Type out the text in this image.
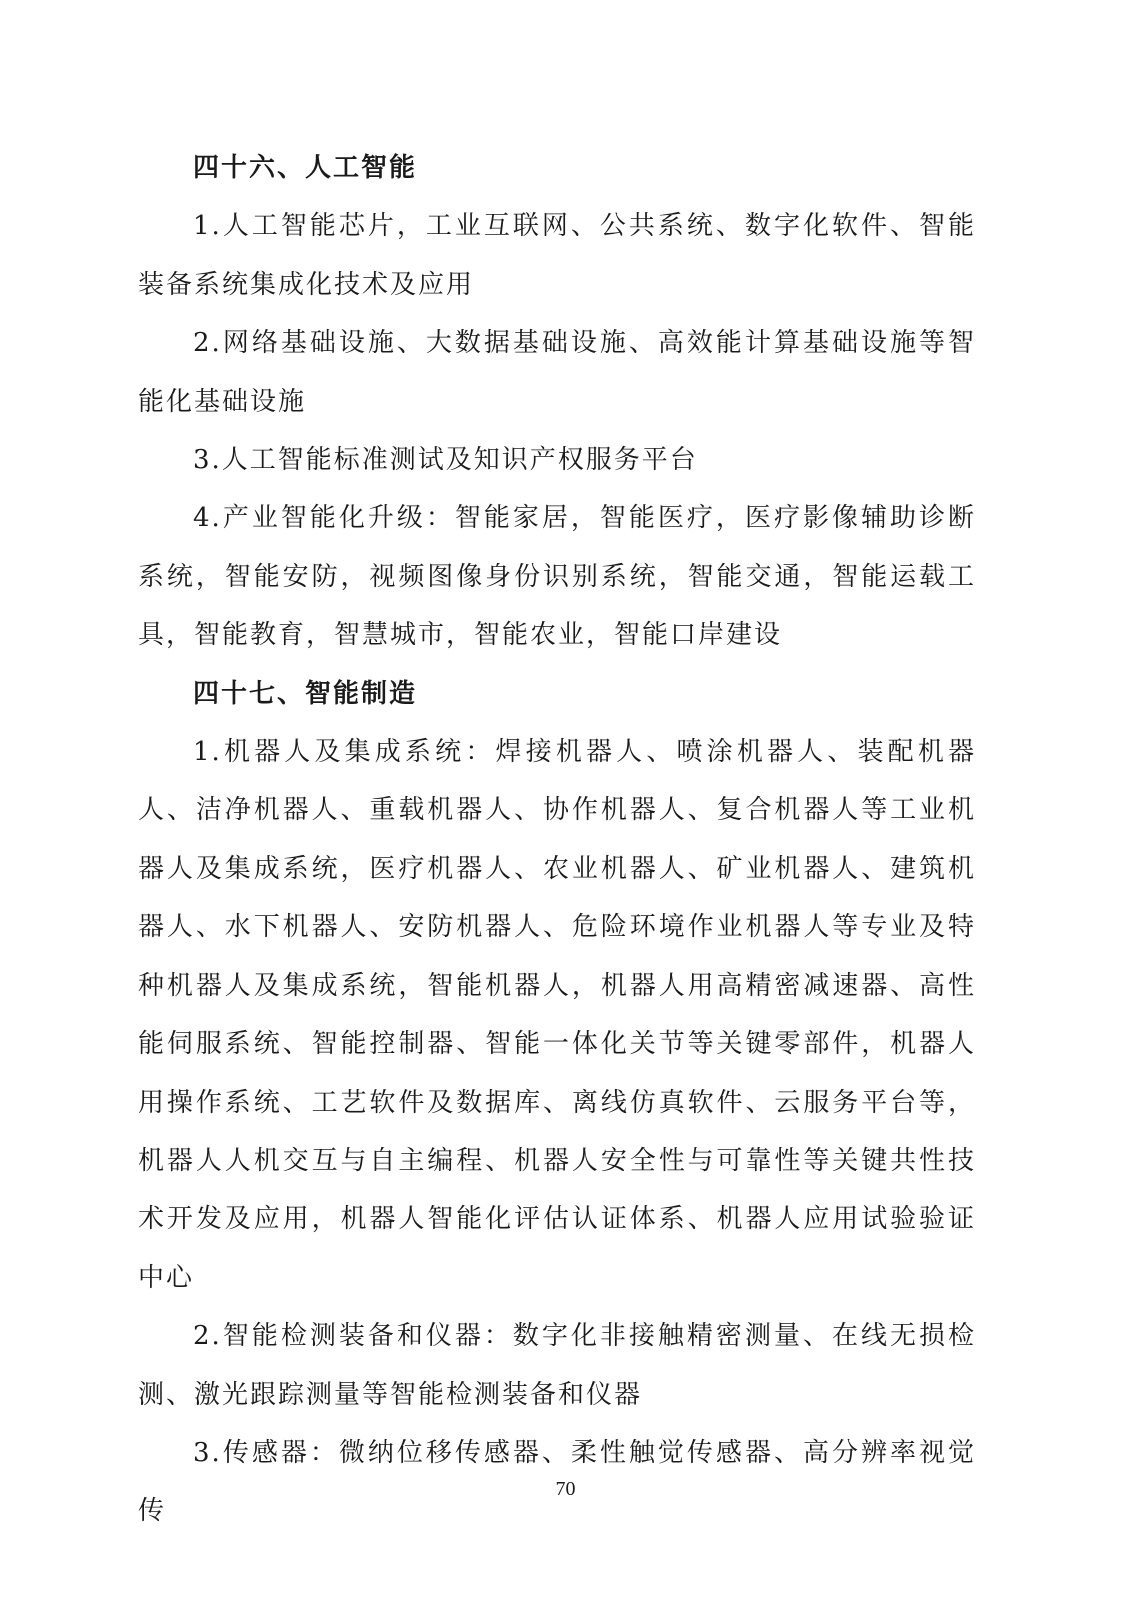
四十六、人工智能

1.人工智能芯片，工业互联网、公共系统、数字化软件、智能装备系统集成化技术及应用

2.网络基础设施、大数据基础设施、高效能计算基础设施等智能化基础设施

3.人工智能标准测试及知识产权服务平台

4.产业智能化升级：智能家居，智能医疗，医疗影像辅助诊断系统，智能安防，视频图像身份识别系统，智能交通，智能运载工具，智能教育，智慧城市，智能农业，智能口岸建设

四十七、智能制造

1.机器人及集成系统：焊接机器人、喷涂机器人、装配机器人、洁净机器人、重载机器人、协作机器人、复合机器人等工业机器人及集成系统，医疗机器人、农业机器人、矿业机器人、建筑机器人、水下机器人、安防机器人、危险环境作业机器人等专业及特种机器人及集成系统，智能机器人，机器人用高精密减速器、高性能伺服系统、智能控制器、智能一体化关节等关键零部件，机器人用操作系统、工艺软件及数据库、离线仿真软件、云服务平台等，机器人人机交互与自主编程、机器人安全性与可靠性等关键共性技术开发及应用，机器人智能化评估认证体系、机器人应用试验验证中心

2.智能检测装备和仪器：数字化非接触精密测量、在线无损检测、激光跟踪测量等智能检测装备和仪器

3.传感器：微纳位移传感器、柔性触觉传感器、高分辨率视觉传

70
